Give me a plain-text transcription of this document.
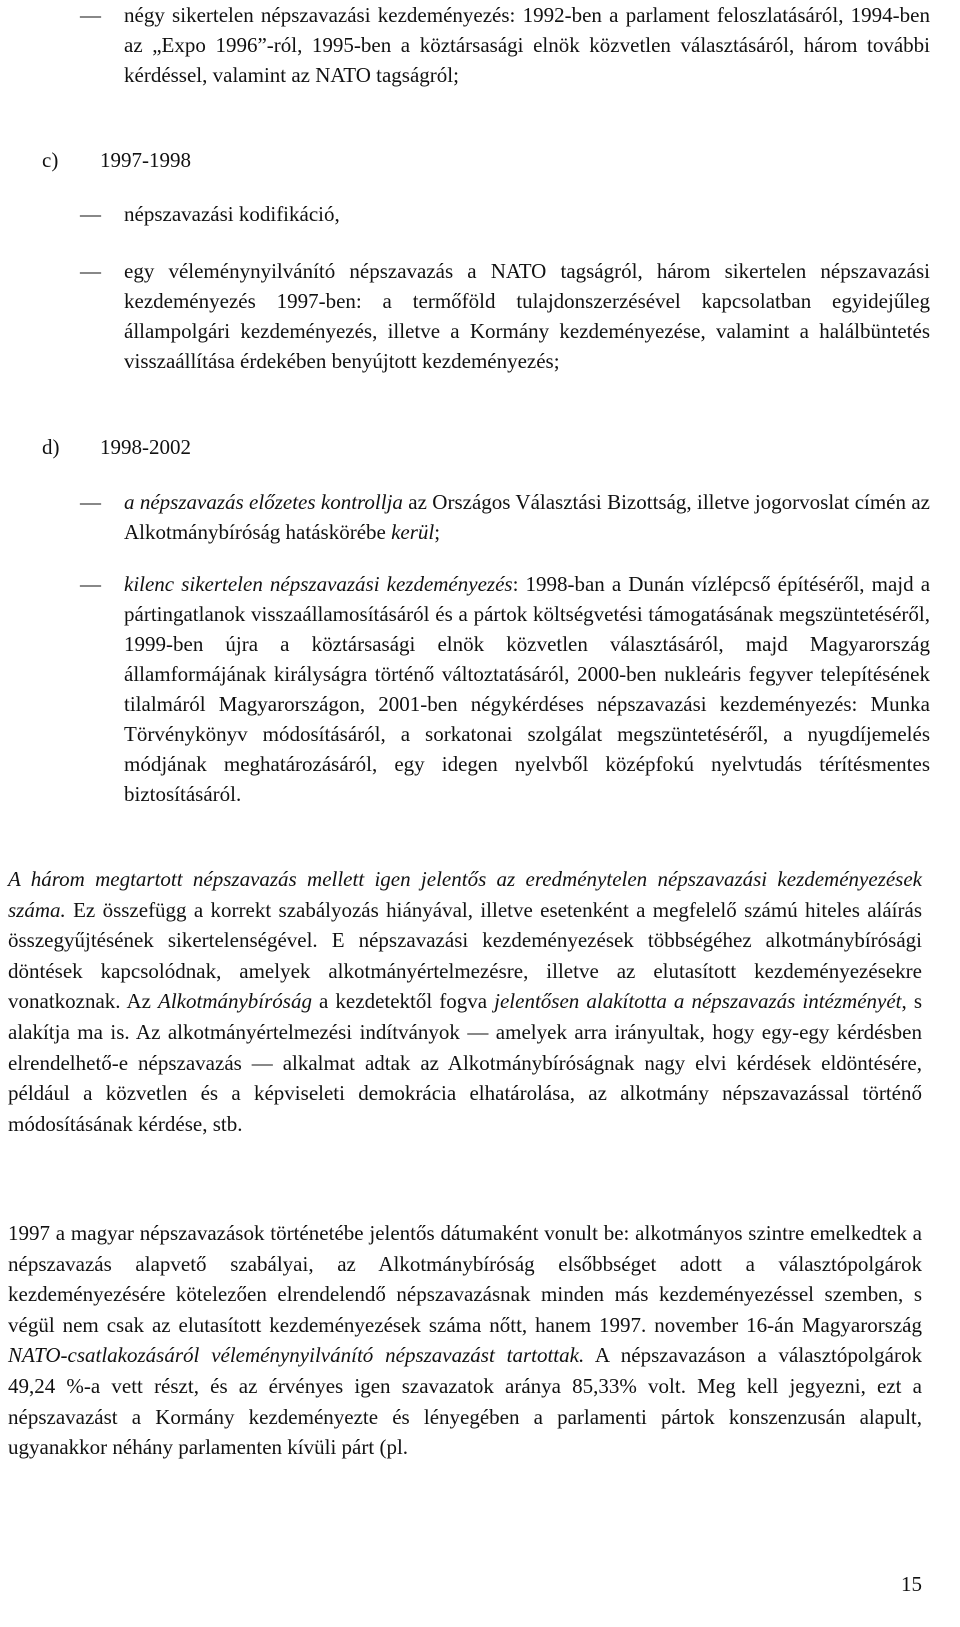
—
négy sikertelen népszavazási kezdeményezés: 1992-ben a parlament feloszlatásáról, 1994-ben az „Expo 1996”-ról, 1995-ben a köztársasági elnök közvetlen választásáról, három további kérdéssel, valamint az NATO tagságról;
c) 1997-1998
—
népszavazási kodifikáció,
—
egy véleménynyilvánító népszavazás a NATO tagságról, három sikertelen népszavazási kezdeményezés 1997-ben: a termőföld tulajdonszerzésével kapcsolatban egyidejűleg állampolgári kezdeményezés, illetve a Kormány kezdeményezése, valamint a halálbüntetés visszaállítása érdekében benyújtott kezdeményezés;
d) 1998-2002
—
a népszavazás előzetes kontrollja az Országos Választási Bizottság, illetve jogorvoslat címén az Alkotmánybíróság hatáskörébe kerül;
—
kilenc sikertelen népszavazási kezdeményezés: 1998-ban a Dunán vízlépcső építéséről, majd a pártingatlanok visszaállamosításáról és a pártok költségvetési támogatásának megszüntetéséről, 1999-ben újra a köztársasági elnök közvetlen választásáról, majd Magyarország államformájának királyságra történő változtatásáról, 2000-ben nukleáris fegyver telepítésének tilalmáról Magyarországon, 2001-ben négykérdéses népszavazási kezdeményezés: Munka Törvénykönyv módosításáról, a sorkatonai szolgálat megszüntetéséről, a nyugdíjemelés módjának meghatározásáról, egy idegen nyelvből középfokú nyelvtudás térítésmentes biztosításáról.
A három megtartott népszavazás mellett igen jelentős az eredménytelen népszavazási kezdeményezések száma. Ez összefügg a korrekt szabályozás hiányával, illetve esetenként a megfelelő számú hiteles aláírás összegyűjtésének sikertelenségével. E népszavazási kezdeményezések többségéhez alkotmánybírósági döntések kapcsolódnak, amelyek alkotmányértelmezésre, illetve az elutasított kezdeményezésekre vonatkoznak. Az Alkotmánybíróság a kezdetektől fogva jelentősen alakította a népszavazás intézményét, s alakítja ma is. Az alkotmányértelmezési indítványok — amelyek arra irányultak, hogy egy-egy kérdésben elrendelhető-e népszavazás — alkalmat adtak az Alkotmánybíróságnak nagy elvi kérdések eldöntésére, például a közvetlen és a képviseleti demokrácia elhatárolása, az alkotmány népszavazással történő módosításának kérdése, stb.
1997 a magyar népszavazások történetébe jelentős dátumaként vonult be: alkotmányos szintre emelkedtek a népszavazás alapvető szabályai, az Alkotmánybíróság elsőbbséget adott a választópolgárok kezdeményezésére kötelezően elrendelendő népszavazásnak minden más kezdeményezéssel szemben, s végül nem csak az elutasított kezdeményezések száma nőtt, hanem 1997. november 16-án Magyarország NATO-csatlakozásáról véleménynyilvánító népszavazást tartottak. A népszavazáson a választópolgárok 49,24 %-a vett részt, és az érvényes igen szavazatok aránya 85,33% volt. Meg kell jegyezni, ezt a népszavazást a Kormány kezdeményezte és lényegében a parlamenti pártok konszenzusán alapult, ugyanakkor néhány parlamenten kívüli párt (pl.
15
